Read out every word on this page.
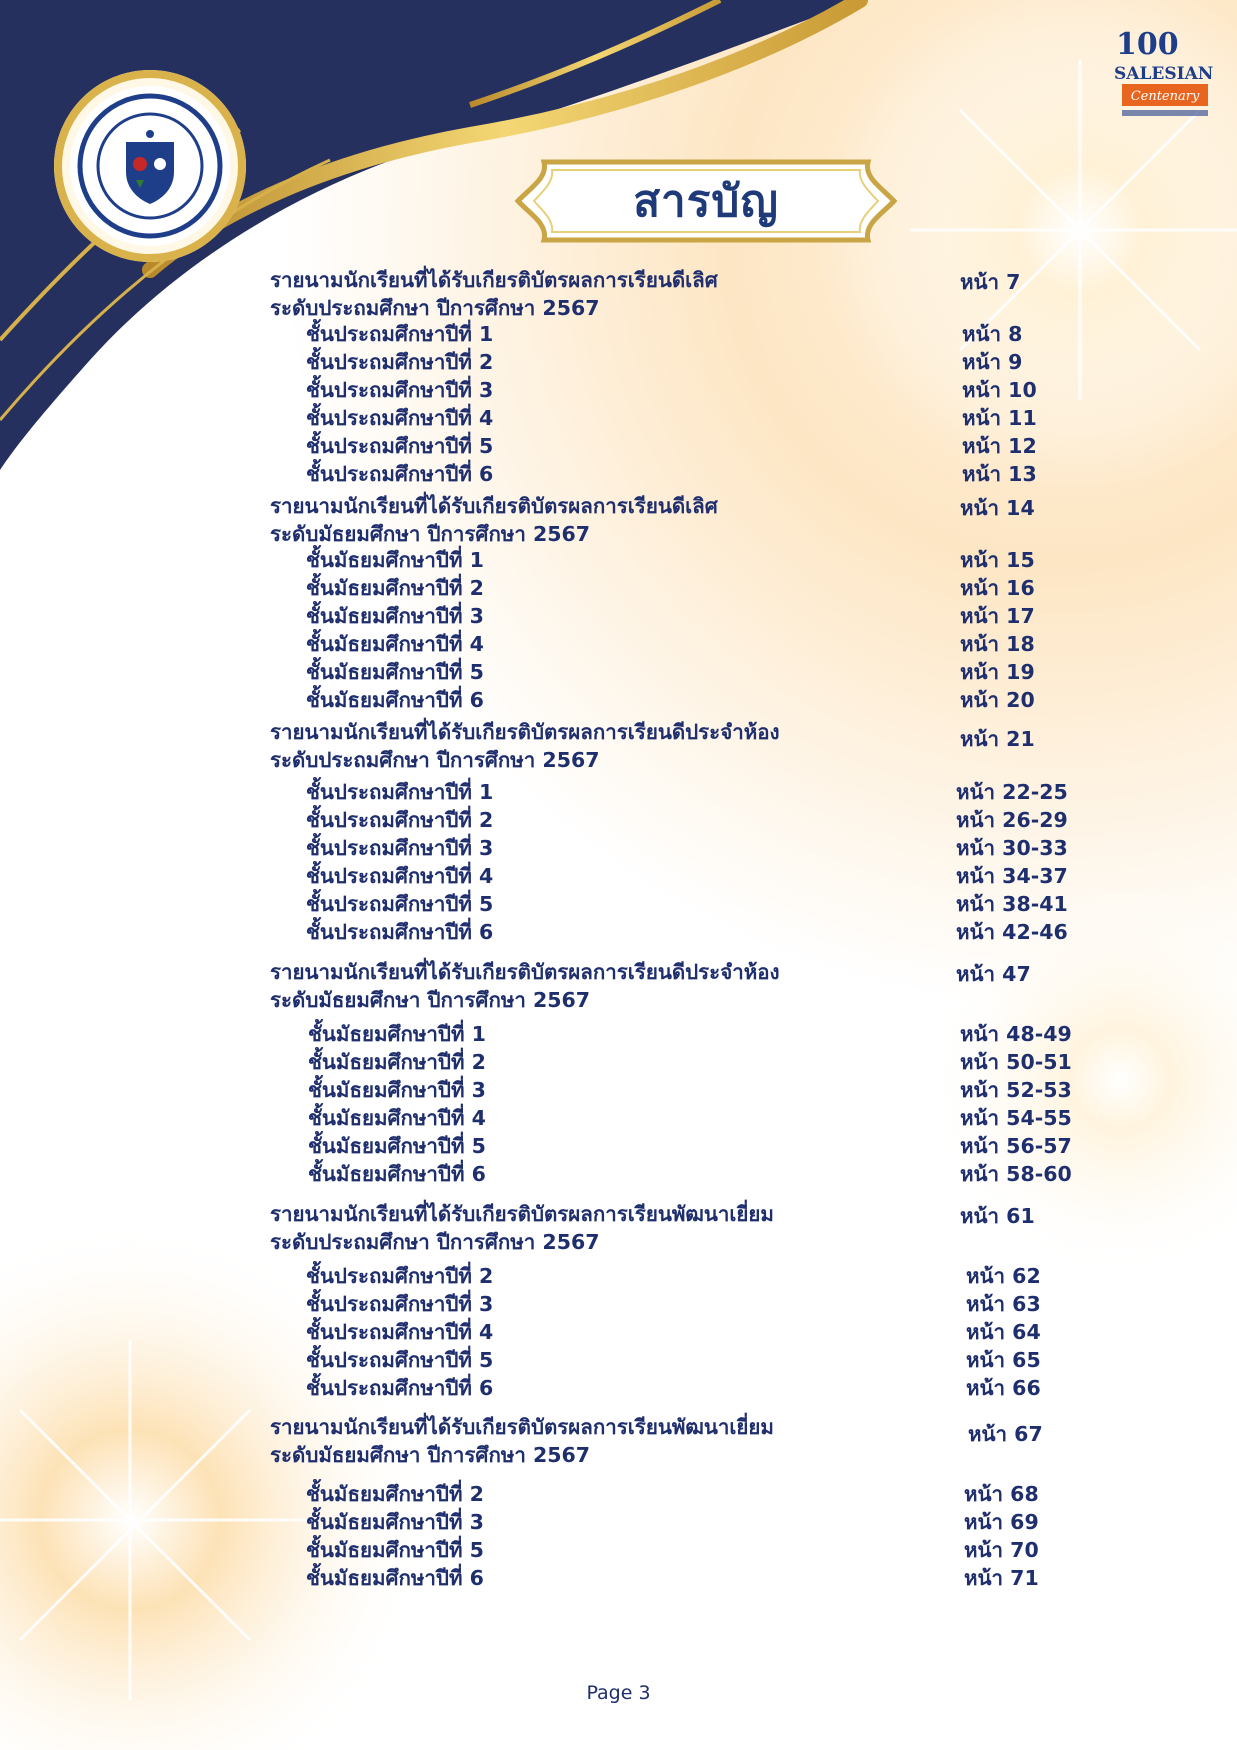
100
SALESIAN
Centenary
สารบัญ
รายนามนักเรียนที่ได้รับเกียรติบัตรผลการเรียนดีเลิศ
ระดับประถมศึกษา ปีการศึกษา 2567
หน้า 7
ชั้นประถมศึกษาปีที่ 1	หน้า 8
ชั้นประถมศึกษาปีที่ 2	หน้า 9
ชั้นประถมศึกษาปีที่ 3	หน้า 10
ชั้นประถมศึกษาปีที่ 4	หน้า 11
ชั้นประถมศึกษาปีที่ 5	หน้า 12
ชั้นประถมศึกษาปีที่ 6	หน้า 13
รายนามนักเรียนที่ได้รับเกียรติบัตรผลการเรียนดีเลิศ
ระดับมัธยมศึกษา ปีการศึกษา 2567
หน้า 14
ชั้นมัธยมศึกษาปีที่ 1	หน้า 15
ชั้นมัธยมศึกษาปีที่ 2	หน้า 16
ชั้นมัธยมศึกษาปีที่ 3	หน้า 17
ชั้นมัธยมศึกษาปีที่ 4	หน้า 18
ชั้นมัธยมศึกษาปีที่ 5	หน้า 19
ชั้นมัธยมศึกษาปีที่ 6	หน้า 20
รายนามนักเรียนที่ได้รับเกียรติบัตรผลการเรียนดีประจำห้อง
ระดับประถมศึกษา ปีการศึกษา 2567
หน้า 21
ชั้นประถมศึกษาปีที่ 1	หน้า 22-25
ชั้นประถมศึกษาปีที่ 2	หน้า 26-29
ชั้นประถมศึกษาปีที่ 3	หน้า 30-33
ชั้นประถมศึกษาปีที่ 4	หน้า 34-37
ชั้นประถมศึกษาปีที่ 5	หน้า 38-41
ชั้นประถมศึกษาปีที่ 6	หน้า 42-46
รายนามนักเรียนที่ได้รับเกียรติบัตรผลการเรียนดีประจำห้อง
ระดับมัธยมศึกษา ปีการศึกษา 2567
หน้า 47
ชั้นมัธยมศึกษาปีที่ 1	หน้า 48-49
ชั้นมัธยมศึกษาปีที่ 2	หน้า 50-51
ชั้นมัธยมศึกษาปีที่ 3	หน้า 52-53
ชั้นมัธยมศึกษาปีที่ 4	หน้า 54-55
ชั้นมัธยมศึกษาปีที่ 5	หน้า 56-57
ชั้นมัธยมศึกษาปีที่ 6	หน้า 58-60
รายนามนักเรียนที่ได้รับเกียรติบัตรผลการเรียนพัฒนาเยี่ยม
ระดับประถมศึกษา ปีการศึกษา 2567
หน้า 61
ชั้นประถมศึกษาปีที่ 2	หน้า 62
ชั้นประถมศึกษาปีที่ 3	หน้า 63
ชั้นประถมศึกษาปีที่ 4	หน้า 64
ชั้นประถมศึกษาปีที่ 5	หน้า 65
ชั้นประถมศึกษาปีที่ 6	หน้า 66
รายนามนักเรียนที่ได้รับเกียรติบัตรผลการเรียนพัฒนาเยี่ยม
ระดับมัธยมศึกษา ปีการศึกษา 2567
หน้า 67
ชั้นมัธยมศึกษาปีที่ 2	หน้า 68
ชั้นมัธยมศึกษาปีที่ 3	หน้า 69
ชั้นมัธยมศึกษาปีที่ 5	หน้า 70
ชั้นมัธยมศึกษาปีที่ 6	หน้า 71
Page 3
